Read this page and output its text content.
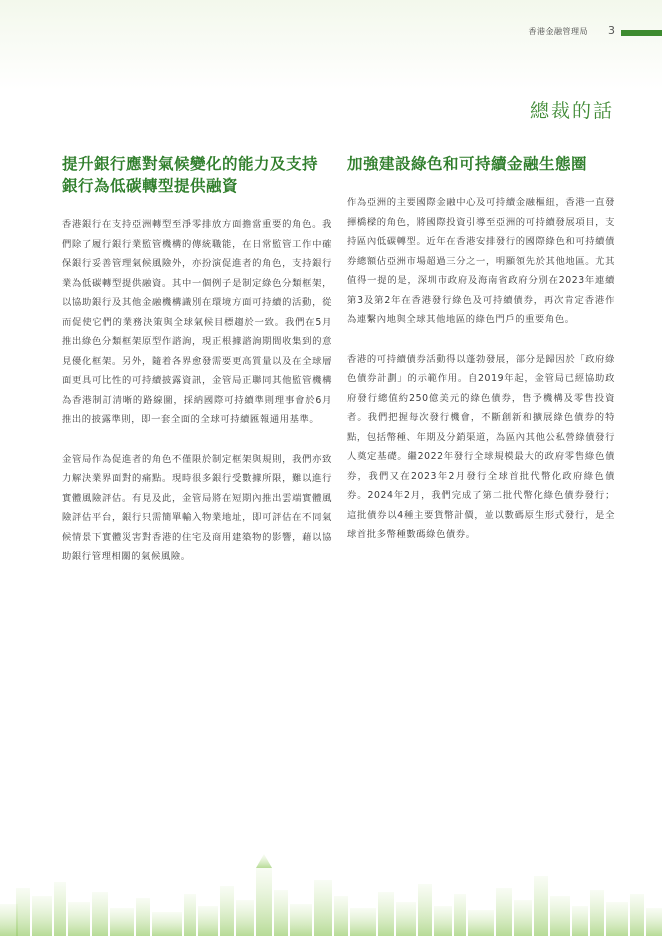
香港金融管理局 3
總裁的話
提升銀行應對氣候變化的能力及支持銀行為低碳轉型提供融資

香港銀行在支持亞洲轉型至淨零排放方面擔當重要的角色。我們除了履行銀行業監管機構的傳統職能，在日常監管工作中確保銀行妥善管理氣候風險外，亦扮演促進者的角色，支持銀行業為低碳轉型提供融資。其中一個例子是制定綠色分類框架，以協助銀行及其他金融機構識別在環境方面可持續的活動，從而促使它們的業務決策與全球氣候目標趨於一致。我們在5月推出綠色分類框架原型作諮詢，現正根據諮詢期間收集到的意見優化框架。另外，隨着各界愈發需要更高質量以及在全球層面更具可比性的可持續披露資訊，金管局正聯同其他監管機構為香港制訂清晰的路線圖，採納國際可持續準則理事會於6月推出的披露準則，即一套全面的全球可持續匯報通用基準。

金管局作為促進者的角色不僅限於制定框架與規則，我們亦致力解決業界面對的痛點。現時很多銀行受數據所限，難以進行實體風險評估。有見及此，金管局將在短期內推出雲端實體風險評估平台，銀行只需簡單輸入物業地址，即可評估在不同氣候情景下實體災害對香港的住宅及商用建築物的影響，藉以協助銀行管理相關的氣候風險。

加強建設綠色和可持續金融生態圈

作為亞洲的主要國際金融中心及可持續金融樞紐，香港一直發揮橋樑的角色，將國際投資引導至亞洲的可持續發展項目，支持區內低碳轉型。近年在香港安排發行的國際綠色和可持續債券總額佔亞洲市場超過三分之一，明顯領先於其他地區。尤其值得一提的是，深圳市政府及海南省政府分別在2023年連續第3及第2年在香港發行綠色及可持續債券，再次肯定香港作為連繫內地與全球其他地區的綠色門戶的重要角色。

香港的可持續債券活動得以蓬勃發展，部分是歸因於「政府綠色債券計劃」的示範作用。自2019年起，金管局已經協助政府發行總值約250億美元的綠色債券，售予機構及零售投資者。我們把握每次發行機會，不斷創新和擴展綠色債券的特點，包括幣種、年期及分銷渠道，為區內其他公私營綠債發行人奠定基礎。繼2022年發行全球規模最大的政府零售綠色債券，我們又在2023年2月發行全球首批代幣化政府綠色債券。2024年2月，我們完成了第二批代幣化綠色債券發行；這批債券以4種主要貨幣計價，並以數碼原生形式發行，是全球首批多幣種數碼綠色債券。
